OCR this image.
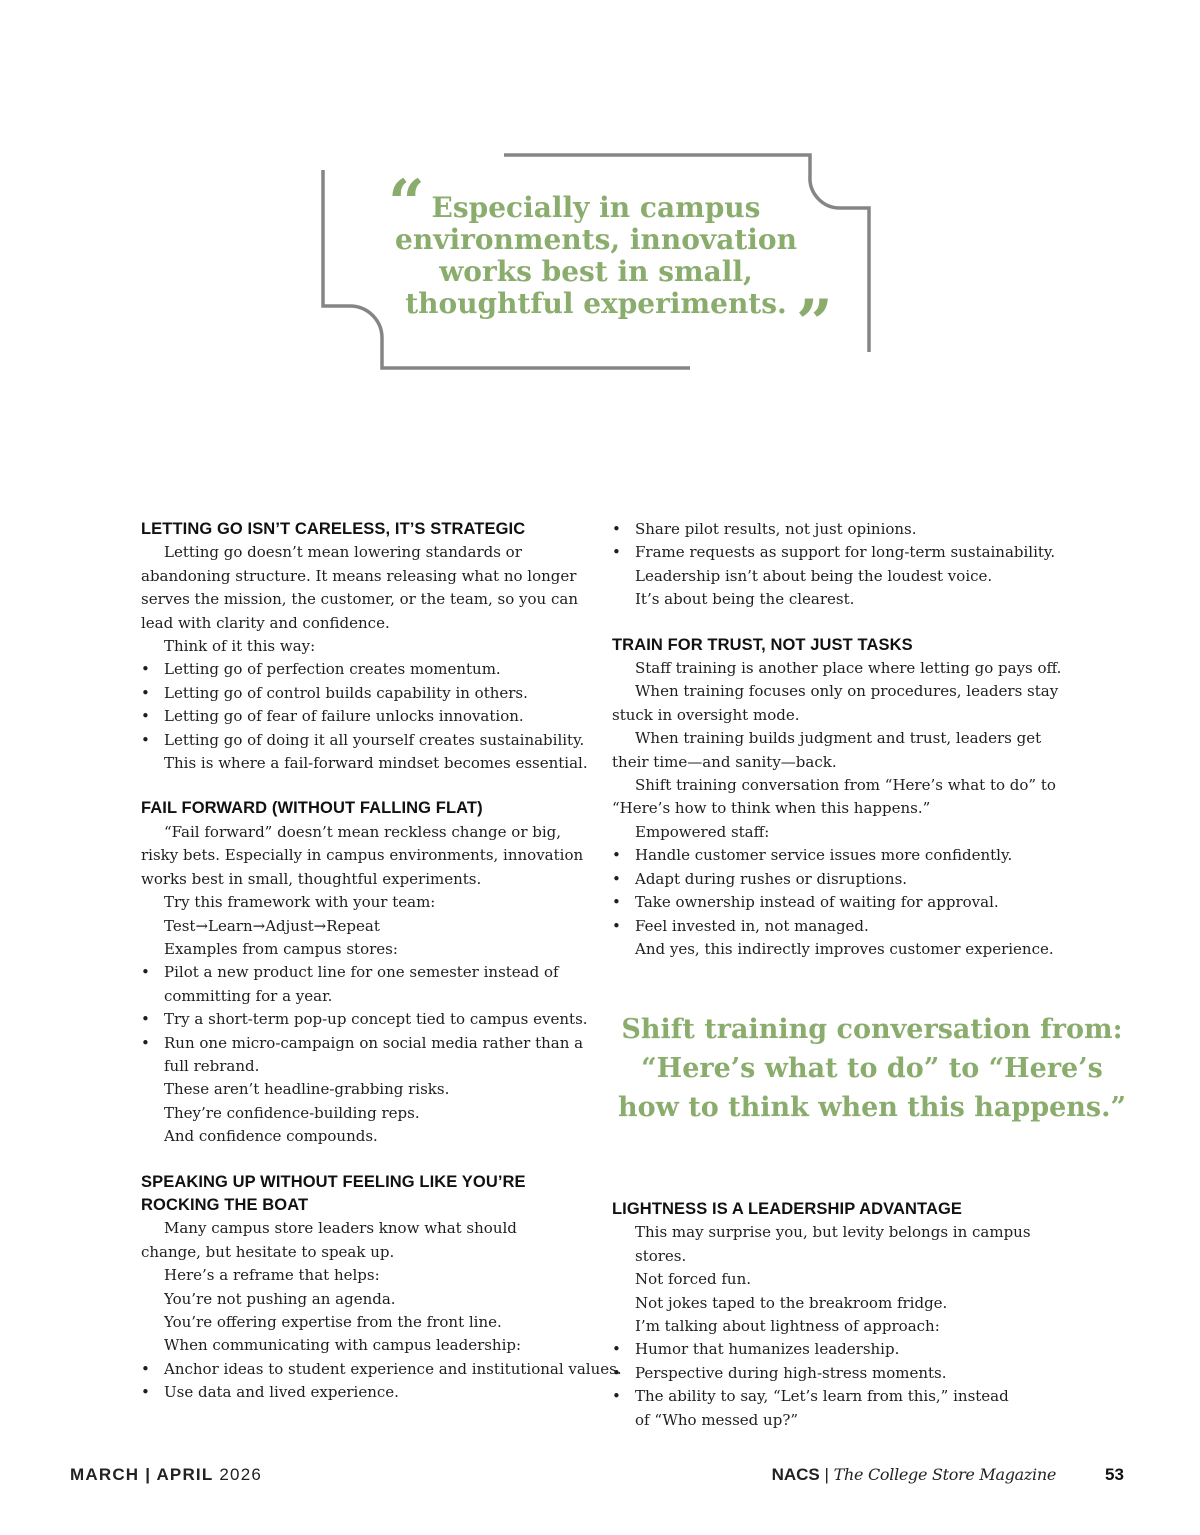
“
”

Especially in campus
environments, innovation
works best in small,
thoughtful experiments.

LETTING GO ISN’T CARELESS, IT’S STRATEGIC

Letting go doesn’t mean lowering standards or abandoning structure. It means releasing what no longer serves the mission, the customer, or the team, so you can lead with clarity and confidence.

Think of it this way:

• Letting go of perfection creates momentum.
• Letting go of control builds capability in others.
• Letting go of fear of failure unlocks innovation.
• Letting go of doing it all yourself creates sustainability.

This is where a fail-forward mindset becomes essential.

FAIL FORWARD (WITHOUT FALLING FLAT)

“Fail forward” doesn’t mean reckless change or big, risky bets. Especially in campus environments, innovation works best in small, thoughtful experiments.

Try this framework with your team:

Test→Learn→Adjust→Repeat

Examples from campus stores:

• Pilot a new product line for one semester instead of committing for a year.
• Try a short-term pop-up concept tied to campus events.
• Run one micro-campaign on social media rather than a full rebrand.

These aren’t headline-grabbing risks.

They’re confidence-building reps.

And confidence compounds.

SPEAKING UP WITHOUT FEELING LIKE YOU’RE
ROCKING THE BOAT

Many campus store leaders know what should change, but hesitate to speak up.

Here’s a reframe that helps:

You’re not pushing an agenda.

You’re offering expertise from the front line.

When communicating with campus leadership:

• Anchor ideas to student experience and institutional values.
• Use data and lived experience.
• Share pilot results, not just opinions.
• Frame requests as support for long-term sustainability.

Leadership isn’t about being the loudest voice.

It’s about being the clearest.

TRAIN FOR TRUST, NOT JUST TASKS

Staff training is another place where letting go pays off.

When training focuses only on procedures, leaders stay stuck in oversight mode.

When training builds judgment and trust, leaders get their time—and sanity—back.

Shift training conversation from “Here’s what to do” to “Here’s how to think when this happens.”

Empowered staff:

• Handle customer service issues more confidently.
• Adapt during rushes or disruptions.
• Take ownership instead of waiting for approval.
• Feel invested in, not managed.

And yes, this indirectly improves customer experience.

Shift training conversation from:
“Here’s what to do” to “Here’s
how to think when this happens.”

LIGHTNESS IS A LEADERSHIP ADVANTAGE

This may surprise you, but levity belongs in campus stores.

Not forced fun.

Not jokes taped to the breakroom fridge.

I’m talking about lightness of approach:

• Humor that humanizes leadership.
• Perspective during high-stress moments.
• The ability to say, “Let’s learn from this,” instead of “Who messed up?”
MARCH | APRIL 2026	NACS | The College Store Magazine	53
